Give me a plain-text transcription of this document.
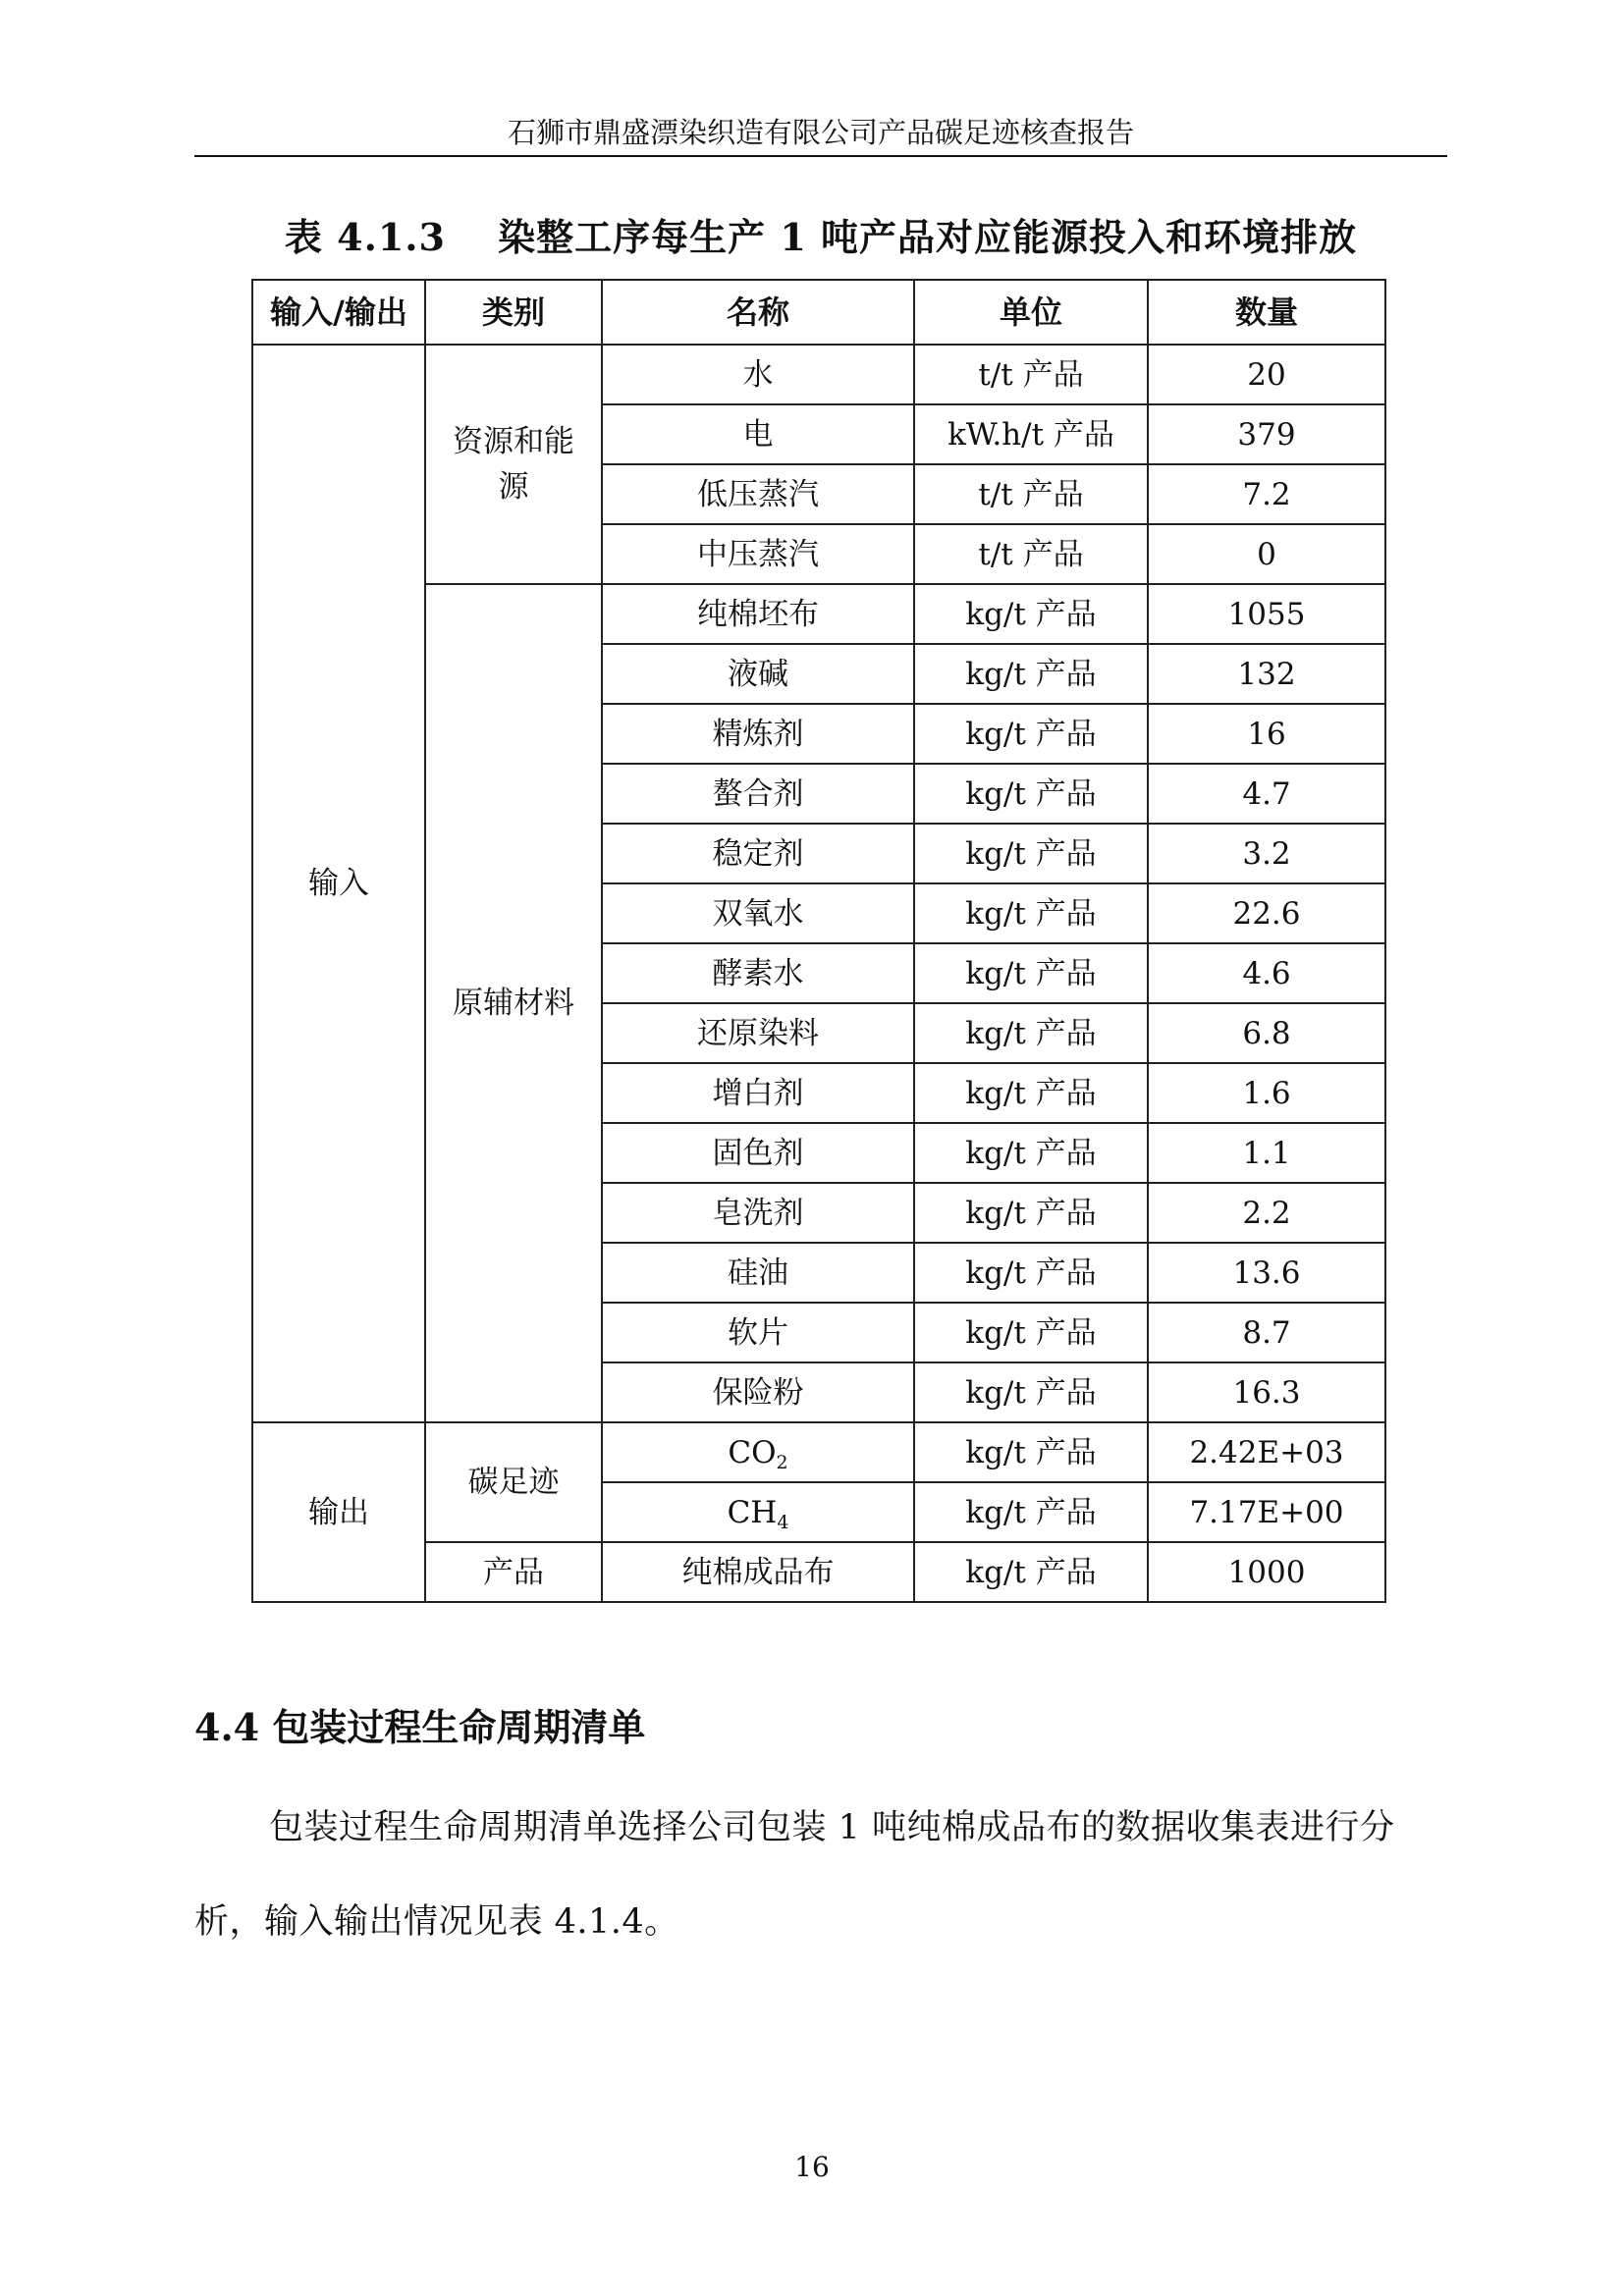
石狮市鼎盛漂染织造有限公司产品碳足迹核查报告
表 4.1.3 　染整工序每生产 1 吨产品对应能源投入和环境排放
输入/输出	类别	名称	单位	数量
输入	资源和能源	水	t/t 产品	20
		电	kW.h/t 产品	379
		低压蒸汽	t/t 产品	7.2
		中压蒸汽	t/t 产品	0
	原辅材料	纯棉坯布	kg/t 产品	1055
		液碱	kg/t 产品	132
		精炼剂	kg/t 产品	16
		螯合剂	kg/t 产品	4.7
		稳定剂	kg/t 产品	3.2
		双氧水	kg/t 产品	22.6
		酵素水	kg/t 产品	4.6
		还原染料	kg/t 产品	6.8
		增白剂	kg/t 产品	1.6
		固色剂	kg/t 产品	1.1
		皂洗剂	kg/t 产品	2.2
		硅油	kg/t 产品	13.6
		软片	kg/t 产品	8.7
		保险粉	kg/t 产品	16.3
输出	碳足迹	$CO_2$	kg/t 产品	2.42E+03
		$CH_4$	kg/t 产品	7.17E+00
	产品	纯棉成品布	kg/t 产品	1000
4.4 包装过程生命周期清单
包装过程生命周期清单选择公司包装 1 吨纯棉成品布的数据收集表进行分析，输入输出情况见表 4.1.4。
16
